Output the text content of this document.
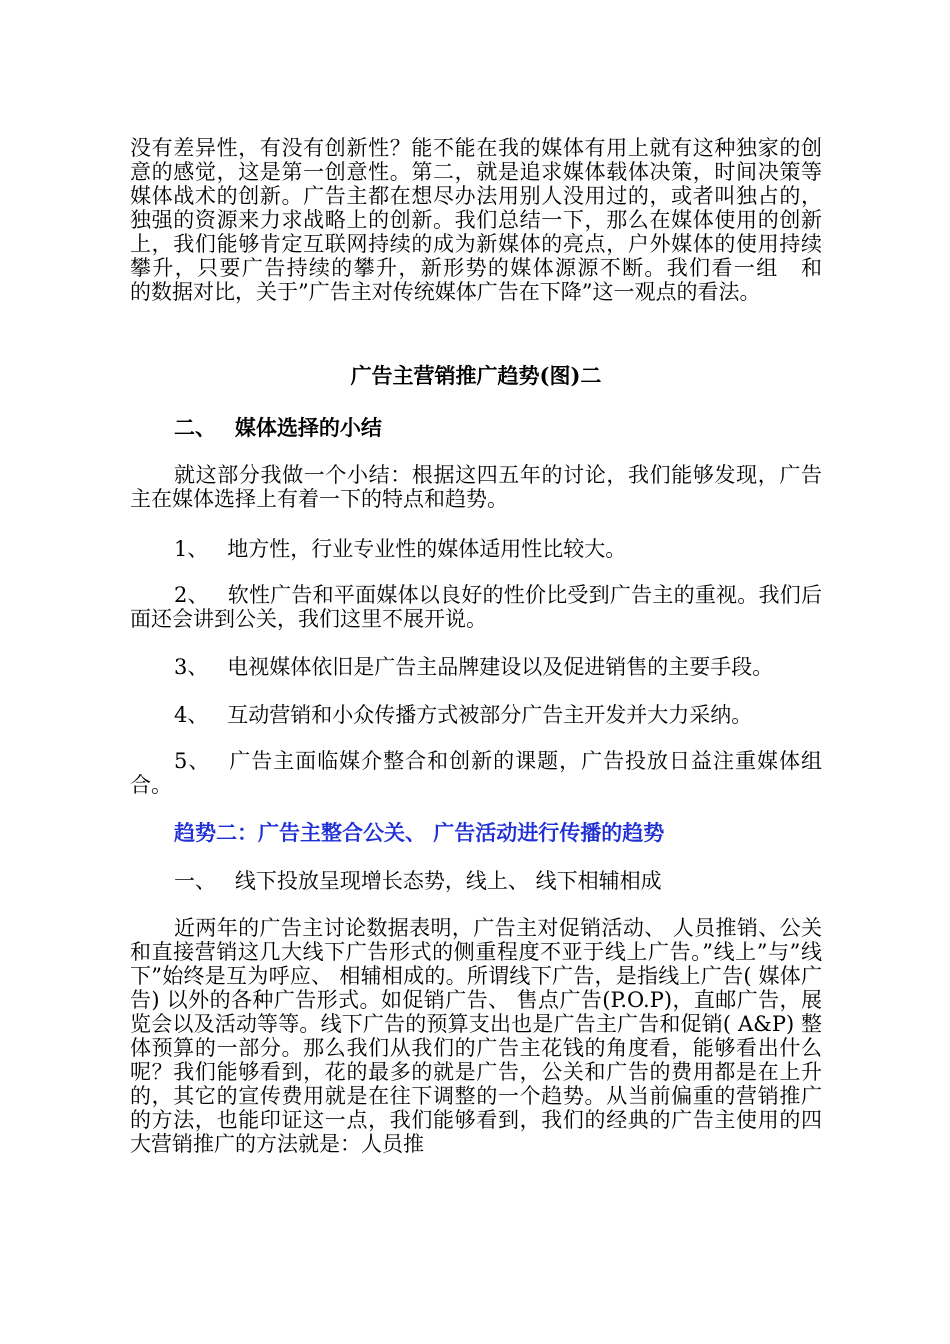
没有差异性，有没有创新性？能不能在我的媒体有用上就有这种独家的创意的感觉，这是第一创意性。第二，就是追求媒体载体决策，时间决策等媒体战术的创新。广告主都在想尽办法用别人没用过的，或者叫独占的，独强的资源来力求战略上的创新。我们总结一下，那么在媒体使用的创新上，我们能够肯定互联网持续的成为新媒体的亮点，户外媒体的使用持续攀升，只要广告持续的攀升，新形势的媒体源源不断。我们看一组　和　的数据对比，关于”广告主对传统媒体广告在下降”这一观点的看法。

广告主营销推广趋势(图)二

二、 媒体选择的小结

就这部分我做一个小结：根据这四五年的讨论，我们能够发现，广告主在媒体选择上有着一下的特点和趋势。

1、 地方性，行业专业性的媒体适用性比较大。

2、 软性广告和平面媒体以良好的性价比受到广告主的重视。我们后面还会讲到公关，我们这里不展开说。

3、 电视媒体依旧是广告主品牌建设以及促进销售的主要手段。

4、 互动营销和小众传播方式被部分广告主开发并大力采纳。

5、 广告主面临媒介整合和创新的课题，广告投放日益注重媒体组合。

趋势二：广告主整合公关、 广告活动进行传播的趋势

一、 线下投放呈现增长态势，线上、 线下相辅相成

近两年的广告主讨论数据表明，广告主对促销活动、 人员推销、公关和直接营销这几大线下广告形式的侧重程度不亚于线上广告。”线上”与”线下”始终是互为呼应、 相辅相成的。所谓线下广告，是指线上广告( 媒体广告) 以外的各种广告形式。如促销广告、 售点广告(P.O.P)，直邮广告，展览会以及活动等等。线下广告的预算支出也是广告主广告和促销( A&P) 整体预算的一部分。那么我们从我们的广告主花钱的角度看，能够看出什么呢？我们能够看到，花的最多的就是广告，公关和广告的费用都是在上升的，其它的宣传费用就是在往下调整的一个趋势。从当前偏重的营销推广的方法，也能印证这一点，我们能够看到，我们的经典的广告主使用的四大营销推广的方法就是：人员推
